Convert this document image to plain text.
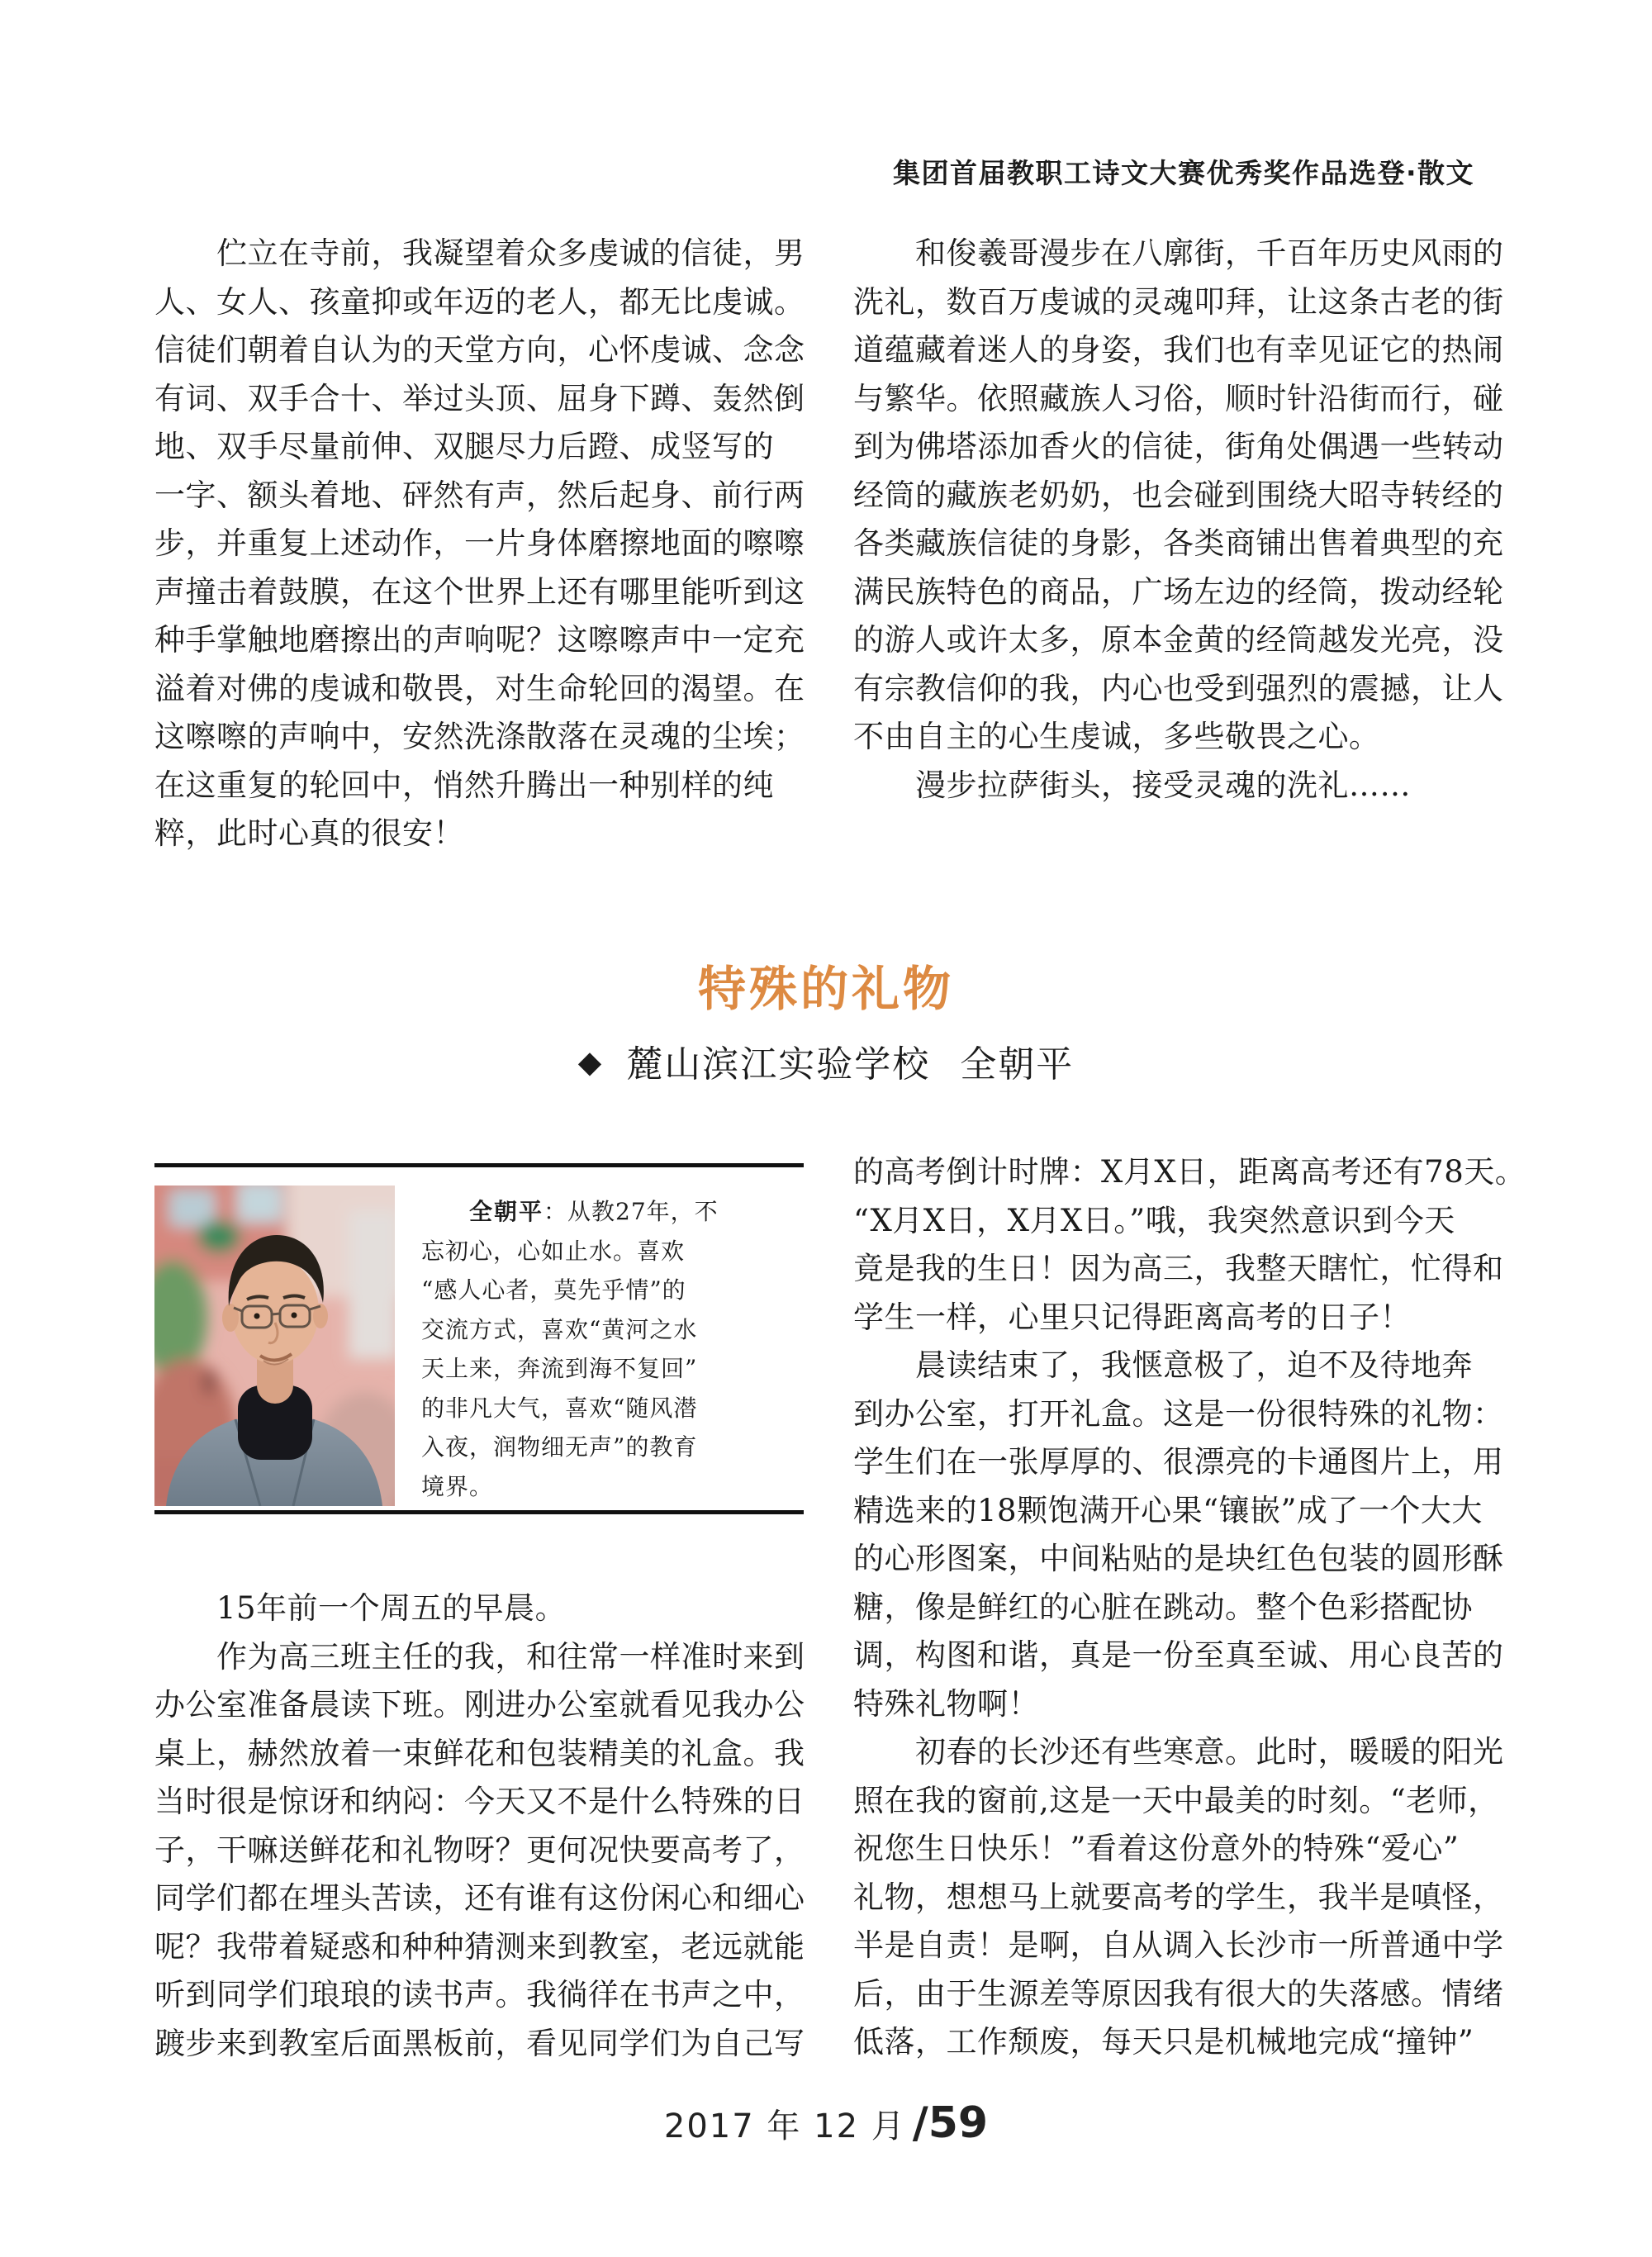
集团首届教职工诗文大赛优秀奖作品选登·散文
　　伫立在寺前，我凝望着众多虔诚的信徒，男
人、女人、孩童抑或年迈的老人，都无比虔诚。
信徒们朝着自认为的天堂方向，心怀虔诚、念念
有词、双手合十、举过头顶、屈身下蹲、轰然倒
地、双手尽量前伸、双腿尽力后蹬、成竖写的
一字、额头着地、砰然有声，然后起身、前行两
步，并重复上述动作，一片身体磨擦地面的嚓嚓
声撞击着鼓膜，在这个世界上还有哪里能听到这
种手掌触地磨擦出的声响呢？这嚓嚓声中一定充
溢着对佛的虔诚和敬畏，对生命轮回的渴望。在
这嚓嚓的声响中，安然洗涤散落在灵魂的尘埃；
在这重复的轮回中，悄然升腾出一种别样的纯
粹，此时心真的很安！
　　和俊羲哥漫步在八廓街，千百年历史风雨的
洗礼，数百万虔诚的灵魂叩拜，让这条古老的街
道蕴藏着迷人的身姿，我们也有幸见证它的热闹
与繁华。依照藏族人习俗，顺时针沿街而行，碰
到为佛塔添加香火的信徒，街角处偶遇一些转动
经筒的藏族老奶奶，也会碰到围绕大昭寺转经的
各类藏族信徒的身影，各类商铺出售着典型的充
满民族特色的商品，广场左边的经筒，拨动经轮
的游人或许太多，原本金黄的经筒越发光亮，没
有宗教信仰的我，内心也受到强烈的震撼，让人
不由自主的心生虔诚，多些敬畏之心。
　　漫步拉萨街头，接受灵魂的洗礼……
特殊的礼物
◆ 麓山滨江实验学校 全朝平
全朝平：从教27年，不
忘初心，心如止水。喜欢
“感人心者，莫先乎情”的
交流方式，喜欢“黄河之水
天上来，奔流到海不复回”
的非凡大气，喜欢“随风潜
入夜，润物细无声”的教育
境界。
　　15年前一个周五的早晨。
　　作为高三班主任的我，和往常一样准时来到
办公室准备晨读下班。刚进办公室就看见我办公
桌上，赫然放着一束鲜花和包装精美的礼盒。我
当时很是惊讶和纳闷：今天又不是什么特殊的日
子，干嘛送鲜花和礼物呀？更何况快要高考了，
同学们都在埋头苦读，还有谁有这份闲心和细心
呢？我带着疑惑和种种猜测来到教室，老远就能
听到同学们琅琅的读书声。我徜徉在书声之中，
踱步来到教室后面黑板前，看见同学们为自己写
的高考倒计时牌：X月X日，距离高考还有78天。
“X月X日，X月X日。”哦，我突然意识到今天
竟是我的生日！因为高三，我整天瞎忙，忙得和
学生一样，心里只记得距离高考的日子！
　　晨读结束了，我惬意极了，迫不及待地奔
到办公室，打开礼盒。这是一份很特殊的礼物：
学生们在一张厚厚的、很漂亮的卡通图片上，用
精选来的18颗饱满开心果“镶嵌”成了一个大大
的心形图案，中间粘贴的是块红色包装的圆形酥
糖，像是鲜红的心脏在跳动。整个色彩搭配协
调，构图和谐，真是一份至真至诚、用心良苦的
特殊礼物啊！
　　初春的长沙还有些寒意。此时，暖暖的阳光
照在我的窗前,这是一天中最美的时刻。“老师，
祝您生日快乐！”看着这份意外的特殊“爱心”
礼物，想想马上就要高考的学生，我半是嗔怪，
半是自责！是啊，自从调入长沙市一所普通中学
后，由于生源差等原因我有很大的失落感。情绪
低落，工作颓废，每天只是机械地完成“撞钟”
2017 年 12 月 /59
